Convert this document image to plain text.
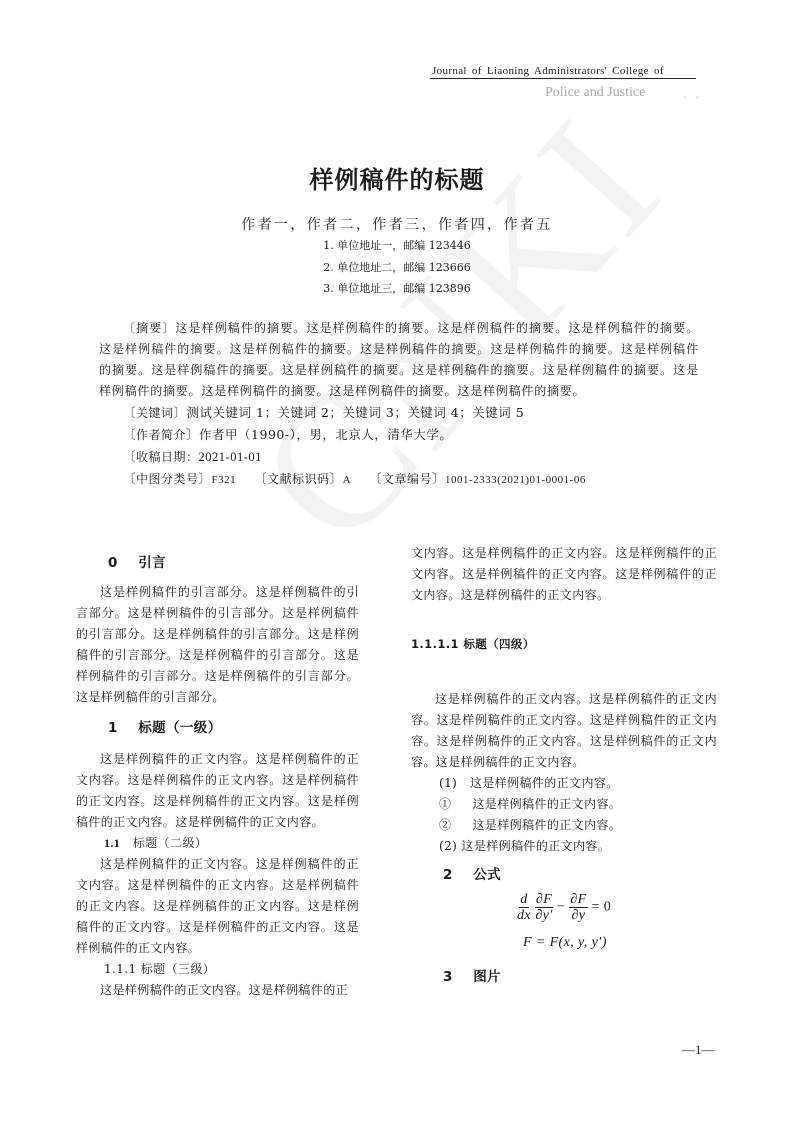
Journal of Liaoning Administrators' College of
Police and Justice	. .
样例稿件的标题
作者一，作者二，作者三，作者四，作者五
1. 单位地址一，邮编 123446
2. 单位地址二，邮编 123666
3. 单位地址三，邮编 123896
〔摘要〕这是样例稿件的摘要。这是样例稿件的摘要。这是样例稿件的摘要。这是样例稿件的摘要。这是样例稿件的摘要。这是样例稿件的摘要。这是样例稿件的摘要。这是样例稿件的摘要。这是样例稿件的摘要。这是样例稿件的摘要。这是样例稿件的摘要。这是样例稿件的摘要。这是样例稿件的摘要。这是样例稿件的摘要。这是样例稿件的摘要。这是样例稿件的摘要。这是样例稿件的摘要。
〔关键词〕测试关键词 1；关键词 2；关键词 3；关键词 4；关键词 5
〔作者简介〕作者甲（1990-），男，北京人，清华大学。
〔收稿日期：2021-01-01
〔中图分类号〕F321    〔文献标识码〕A    〔文章编号〕1001-2333(2021)01-0001-06
0 引言

这是样例稿件的引言部分。这是样例稿件的引言部分。这是样例稿件的引言部分。这是样例稿件的引言部分。这是样例稿件的引言部分。这是样例稿件的引言部分。这是样例稿件的引言部分。这是样例稿件的引言部分。这是样例稿件的引言部分。这是样例稿件的引言部分。

1 标题（一级）

这是样例稿件的正文内容。这是样例稿件的正文内容。这是样例稿件的正文内容。这是样例稿件的正文内容。这是样例稿件的正文内容。这是样例稿件的正文内容。这是样例稿件的正文内容。

1.1 标题（二级）

这是样例稿件的正文内容。这是样例稿件的正文内容。这是样例稿件的正文内容。这是样例稿件的正文内容。这是样例稿件的正文内容。这是样例稿件的正文内容。这是样例稿件的正文内容。这是样例稿件的正文内容。

1.1.1 标题（三级）

这是样例稿件的正文内容。这是样例稿件的正

文内容。这是样例稿件的正文内容。这是样例稿件的正文内容。这是样例稿件的正文内容。这是样例稿件的正文内容。这是样例稿件的正文内容。

1.1.1.1 标题（四级）

这是样例稿件的正文内容。这是样例稿件的正文内容。这是样例稿件的正文内容。这是样例稿件的正文内容。这是样例稿件的正文内容。这是样例稿件的正文内容。这是样例稿件的正文内容。

(1) 这是样例稿件的正文内容。
① 这是样例稿件的正文内容。
② 这是样例稿件的正文内容。
(2) 这是样例稿件的正文内容。
2 公式
$\frac{d}{dx}$
$\frac{\partial F}{\partial y'} - \frac{\partial F}{\partial y} = 0$
F = F(x, y, y′)
3 图片
—1—
